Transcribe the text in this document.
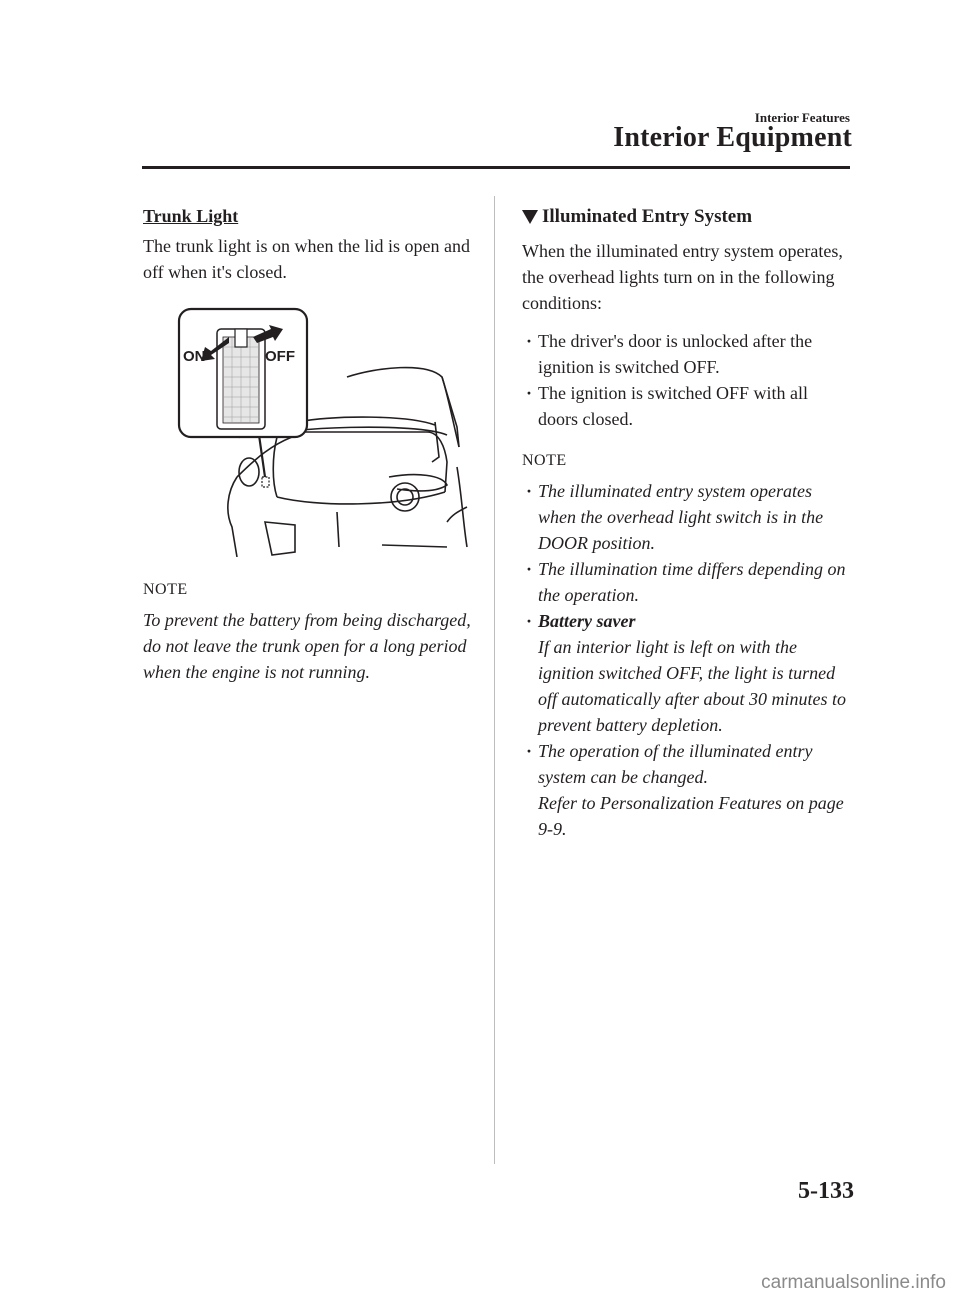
Interior Features
Interior Equipment

Trunk Light

The trunk light is on when the lid is open and off when it's closed.

ON	OFF

NOTE

To prevent the battery from being discharged, do not leave the trunk open for a long period when the engine is not running.

Illuminated Entry System

When the illuminated entry system operates, the overhead lights turn on in the following conditions:

· The driver's door is unlocked after the ignition is switched OFF.
· The ignition is switched OFF with all doors closed.

NOTE

· The illuminated entry system operates when the overhead light switch is in the DOOR position.
· The illumination time differs depending on the operation.
· Battery saver
If an interior light is left on with the ignition switched OFF, the light is turned off automatically after about 30 minutes to prevent battery depletion.
· The operation of the illuminated entry system can be changed.
Refer to Personalization Features on page 9-9.
5-133
carmanualsonline.info
